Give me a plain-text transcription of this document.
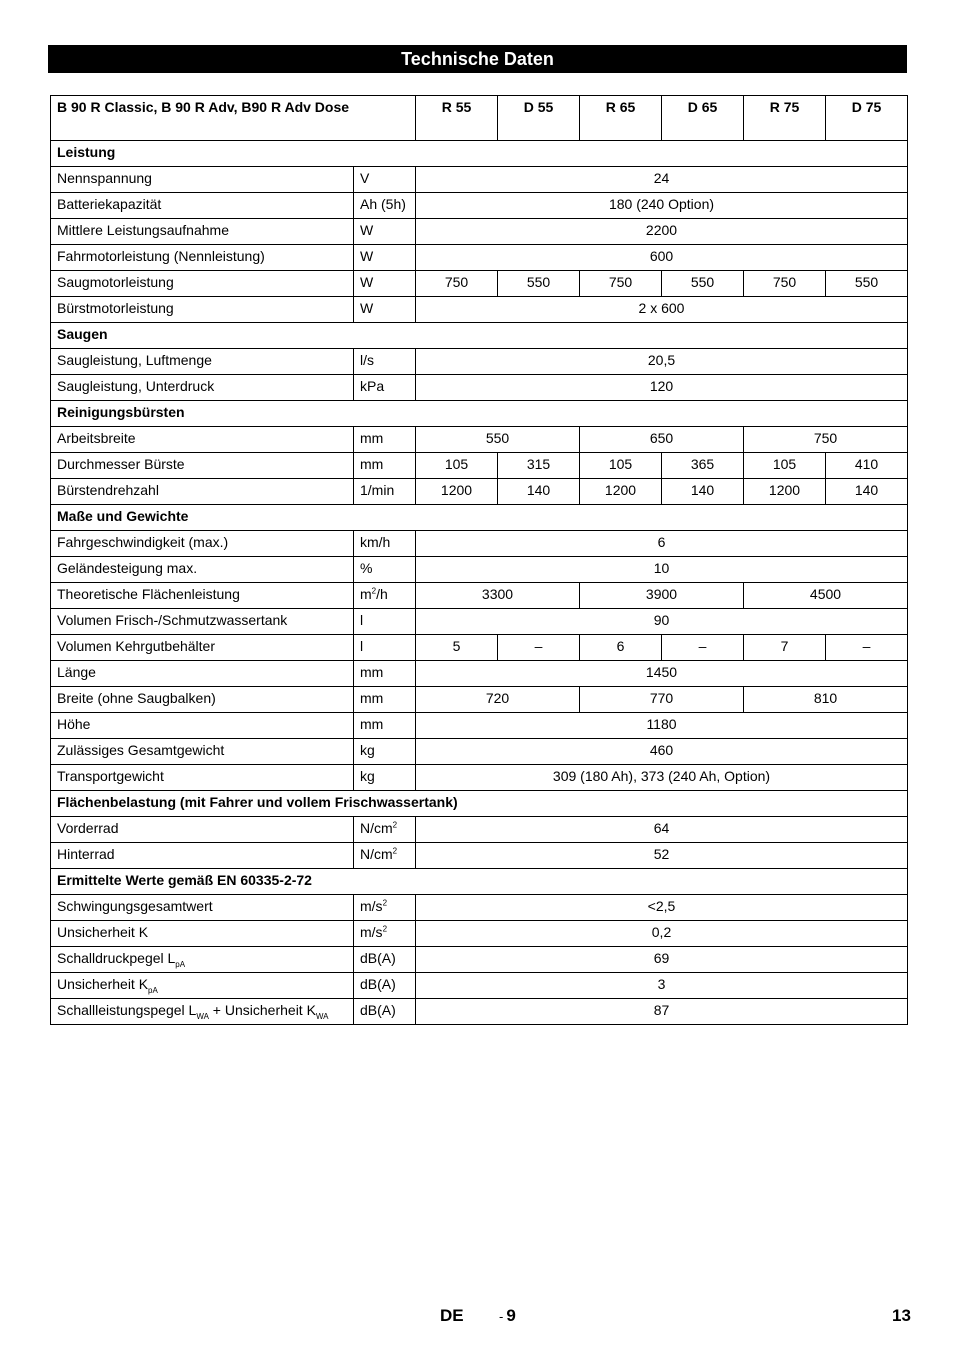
Technische Daten
B 90 R Classic, B 90 R Adv, B90 R Adv Dose		R 55	D 55	R 65	D 65	R 75	D 75
Leistung							
Nennspannung	V	24					
Batteriekapazität	Ah (5h)	180 (240 Option)					
Mittlere Leistungsaufnahme	W	2200					
Fahrmotorleistung (Nennleistung)	W	600					
Saugmotorleistung	W	750	550	750	550	750	550
Bürstmotorleistung	W	2 x 600					
Saugen							
Saugleistung, Luftmenge	l/s	20,5					
Saugleistung, Unterdruck	kPa	120					
Reinigungsbürsten							
Arbeitsbreite	mm	550		650		750	
Durchmesser Bürste	mm	105	315	105	365	105	410
Bürstendrehzahl	1/min	1200	140	1200	140	1200	140
Maße und Gewichte							
Fahrgeschwindigkeit (max.)	km/h	6					
Geländesteigung max.	%	10					
Theoretische Flächenleistung	$m^2/h$	3300		3900		4500	
Volumen Frisch-/Schmutzwassertank	l	90					
Volumen Kehrgutbehälter	l	5	–	6	–	7	–
Länge	mm	1450					
Breite (ohne Saugbalken)	mm	720		770		810	
Höhe	mm	1180					
Zulässiges Gesamtgewicht	kg	460					
Transportgewicht	kg	309 (180 Ah), 373 (240 Ah, Option)					
Flächenbelastung (mit Fahrer und vollem Frischwassertank)							
Vorderrad	$N/cm^2$	64					
Hinterrad	$N/cm^2$	52					
Ermittelte Werte gemäß EN 60335-2-72							
Schwingungsgesamtwert	$m/s^2$	<2,5					
Unsicherheit K	$m/s^2$	0,2					
Schalldruckpegel $L_{pA}$	dB(A)	69					
Unsicherheit $K_{pA}$	dB(A)	3					
Schallleistungspegel $L_{WA}$ + Unsicherheit $K_{WA}$	dB(A)	87					
DE	- 9	13
